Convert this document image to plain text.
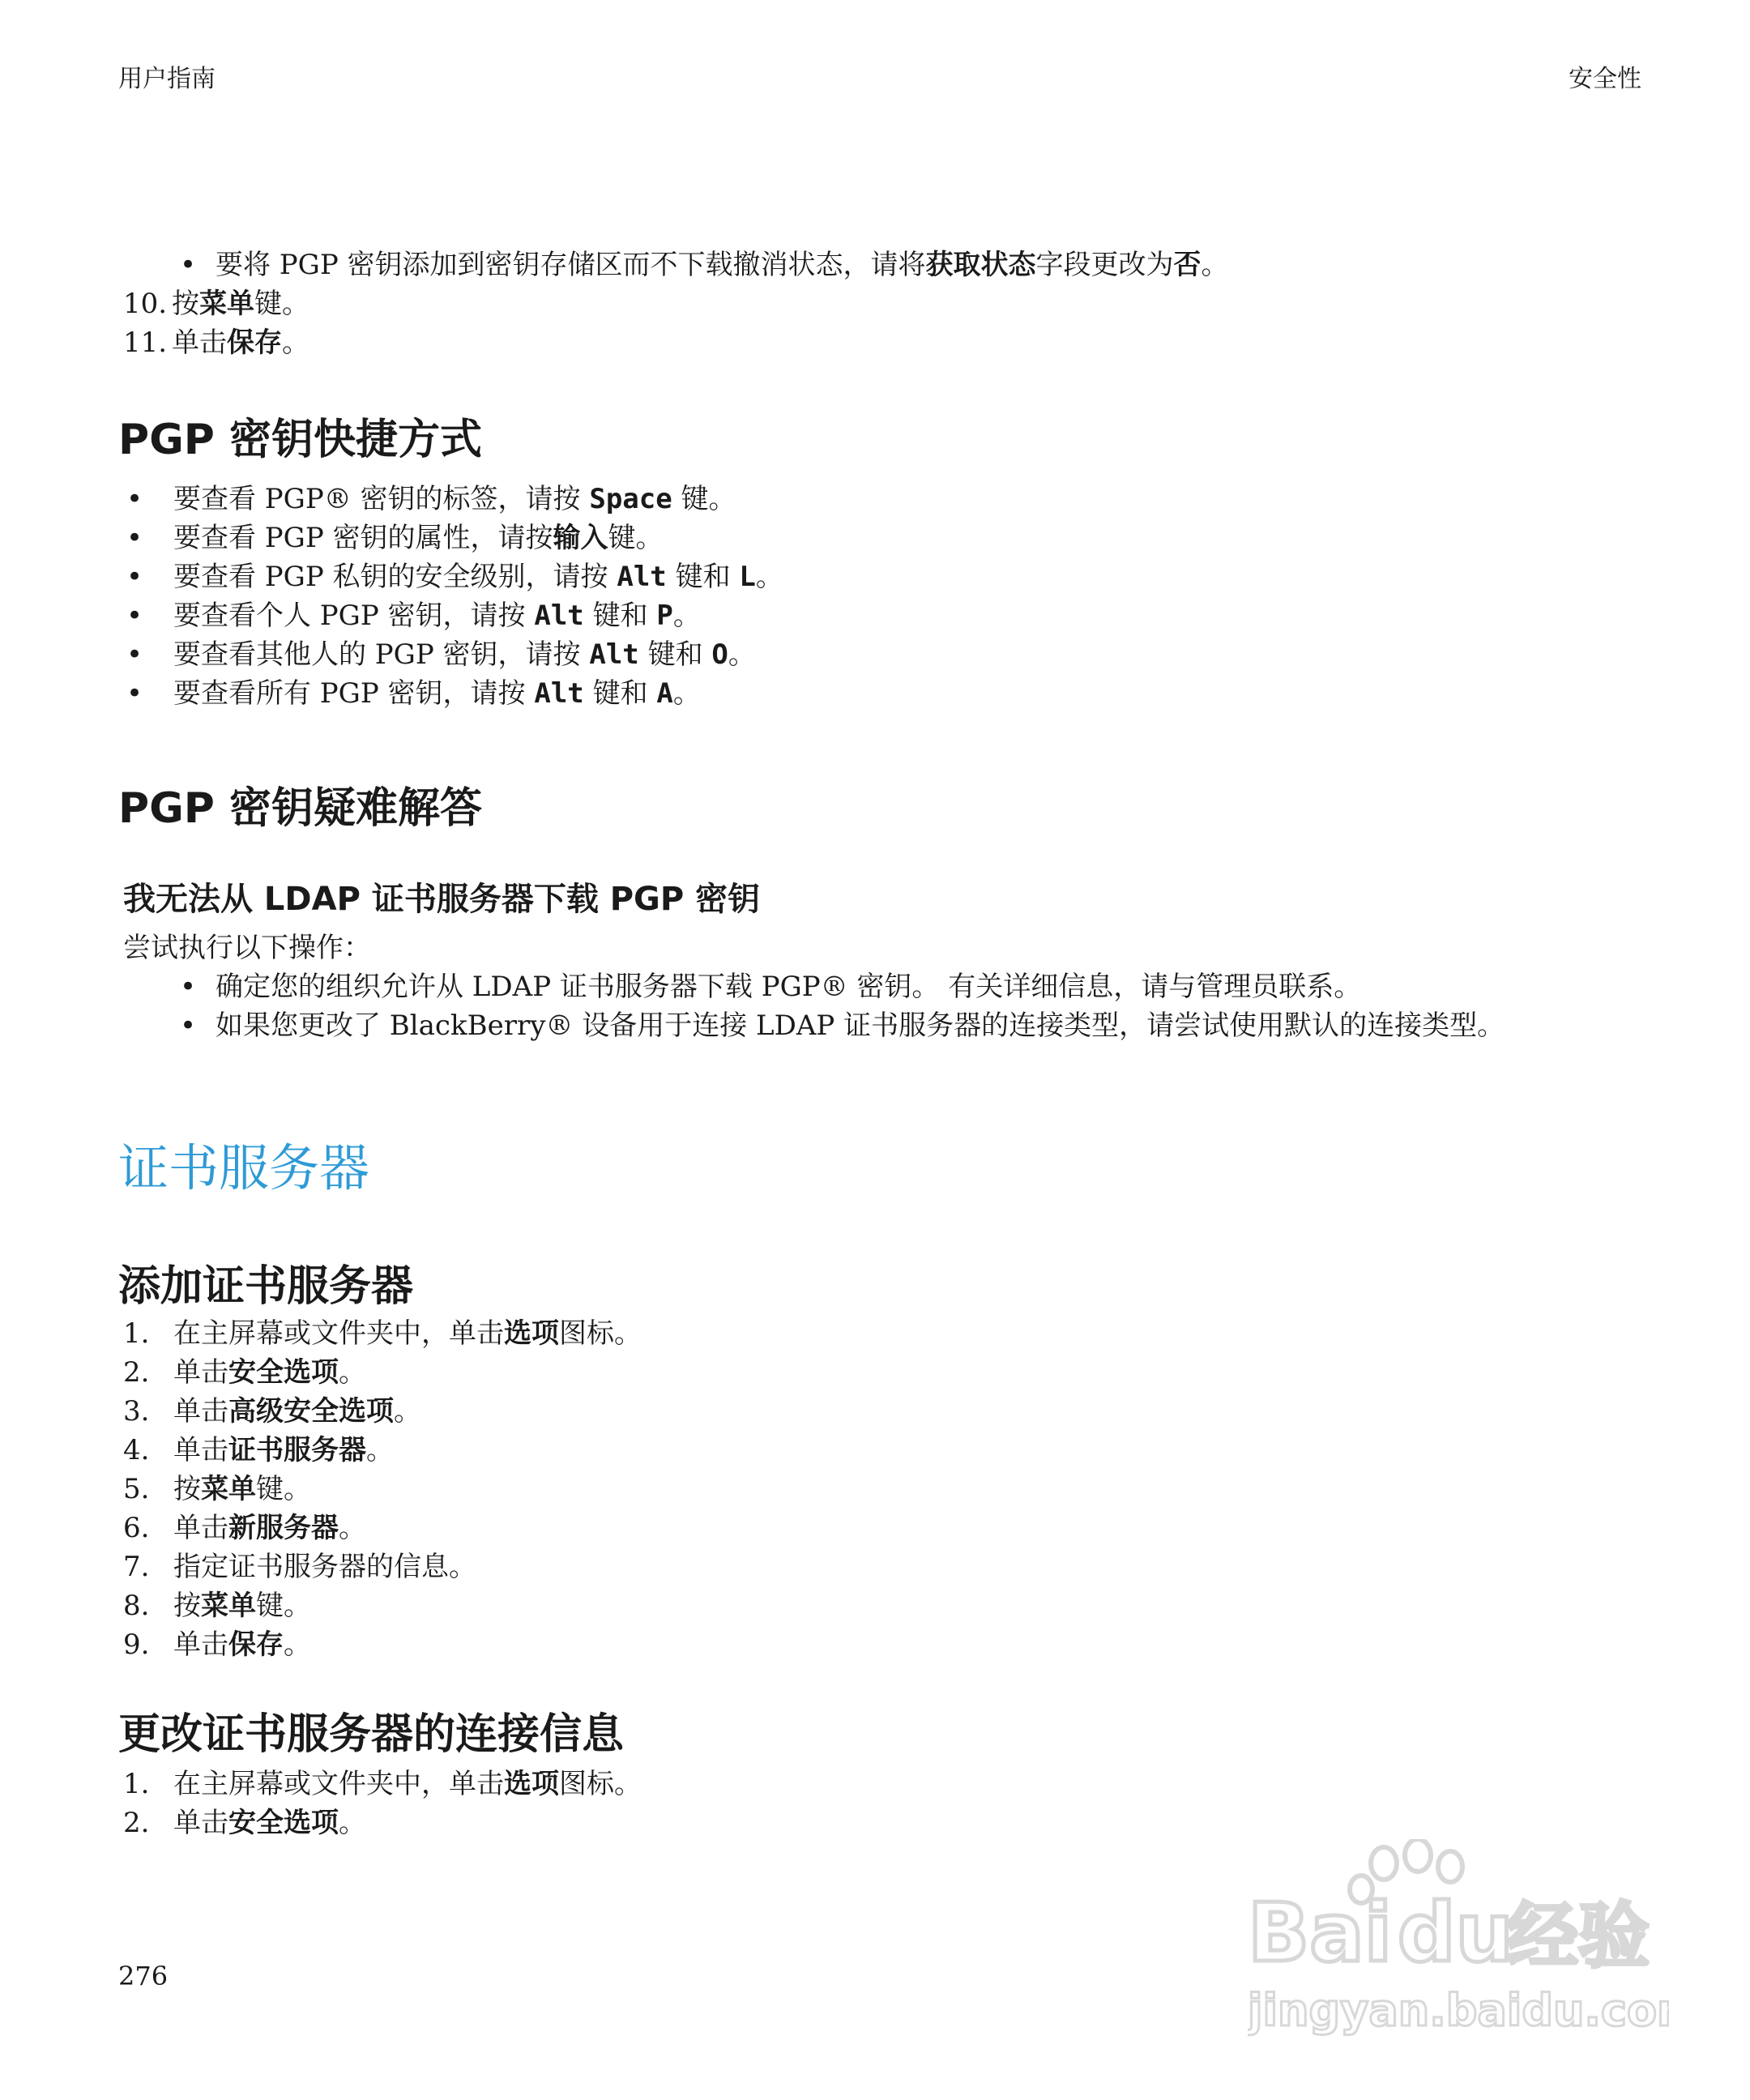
用户指南	安全性
• 要将 PGP 密钥添加到密钥存储区而不下载撤消状态，请将获取状态字段更改为否。
10. 按菜单键。
11. 单击保存。
PGP 密钥快捷方式
• 要查看 PGP® 密钥的标签，请按 Space 键。
• 要查看 PGP 密钥的属性，请按输入键。
• 要查看 PGP 私钥的安全级别，请按 Alt 键和 L。
• 要查看个人 PGP 密钥，请按 Alt 键和 P。
• 要查看其他人的 PGP 密钥，请按 Alt 键和 O。
• 要查看所有 PGP 密钥，请按 Alt 键和 A。
PGP 密钥疑难解答
我无法从 LDAP 证书服务器下载 PGP 密钥
尝试执行以下操作：
• 确定您的组织允许从 LDAP 证书服务器下载 PGP® 密钥。 有关详细信息，请与管理员联系。
• 如果您更改了 BlackBerry® 设备用于连接 LDAP 证书服务器的连接类型，请尝试使用默认的连接类型。
证书服务器
添加证书服务器
1. 在主屏幕或文件夹中，单击选项图标。
2. 单击安全选项。
3. 单击高级安全选项。
4. 单击证书服务器。
5. 按菜单键。
6. 单击新服务器。
7. 指定证书服务器的信息。
8. 按菜单键。
9. 单击保存。
更改证书服务器的连接信息
1. 在主屏幕或文件夹中，单击选项图标。
2. 单击安全选项。
276	Bai du
经验
jingyan.baidu.com
